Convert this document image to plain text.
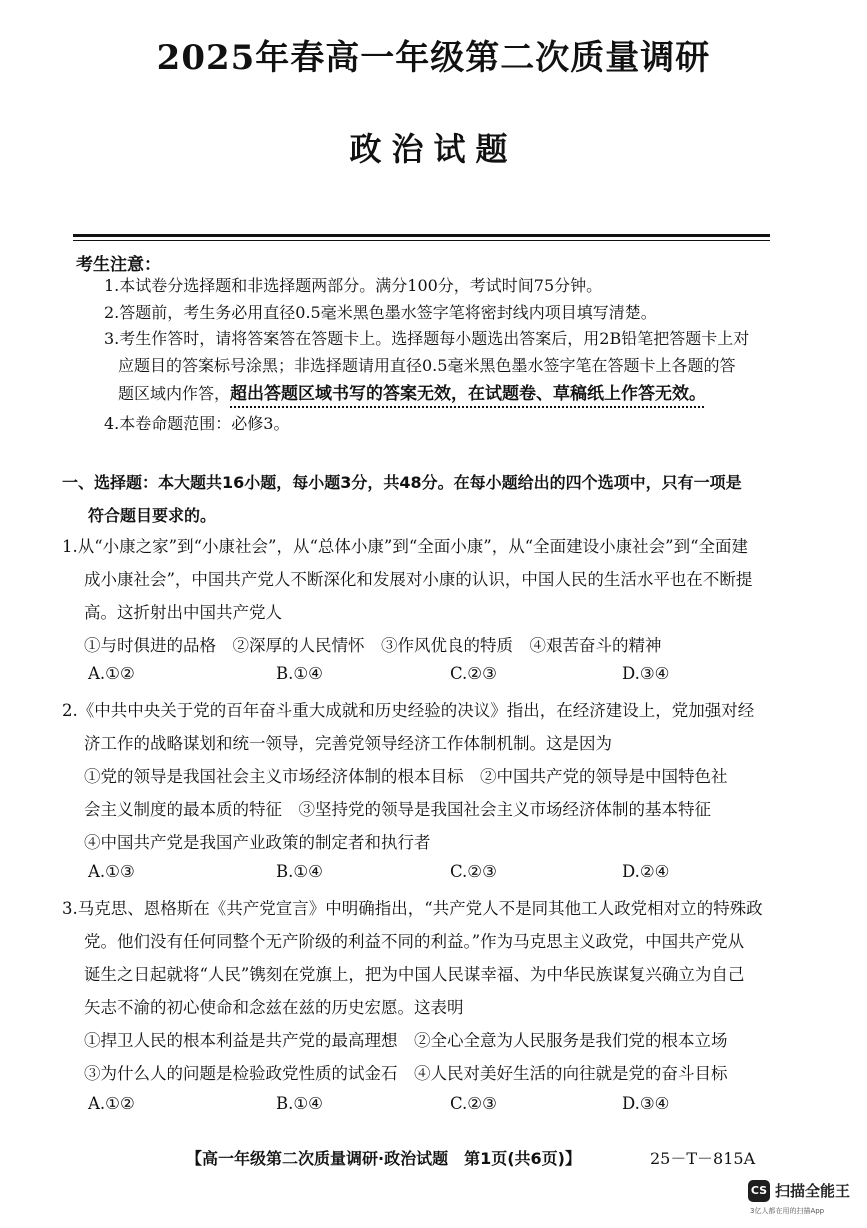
2025年春高一年级第二次质量调研
政治试题
考生注意：
1.本试卷分选择题和非选择题两部分。满分100分，考试时间75分钟。
2.答题前，考生务必用直径0.5毫米黑色墨水签字笔将密封线内项目填写清楚。
3.考生作答时，请将答案答在答题卡上。选择题每小题选出答案后，用2B铅笔把答题卡上对
应题目的答案标号涂黑；非选择题请用直径0.5毫米黑色墨水签字笔在答题卡上各题的答
题区域内作答，超出答题区域书写的答案无效，在试题卷、草稿纸上作答无效。
4.本卷命题范围：必修3。
一、选择题：本大题共16小题，每小题3分，共48分。在每小题给出的四个选项中，只有一项是
符合题目要求的。
1.从“小康之家”到“小康社会”，从“总体小康”到“全面小康”，从“全面建设小康社会”到“全面建
成小康社会”，中国共产党人不断深化和发展对小康的认识，中国人民的生活水平也在不断提
高。这折射出中国共产党人
①与时俱进的品格　②深厚的人民情怀　③作风优良的特质　④艰苦奋斗的精神
A.①②	B.①④	C.②③	D.③④
2.《中共中央关于党的百年奋斗重大成就和历史经验的决议》指出，在经济建设上，党加强对经
济工作的战略谋划和统一领导，完善党领导经济工作体制机制。这是因为
①党的领导是我国社会主义市场经济体制的根本目标　②中国共产党的领导是中国特色社
会主义制度的最本质的特征　③坚持党的领导是我国社会主义市场经济体制的基本特征
④中国共产党是我国产业政策的制定者和执行者
A.①③	B.①④	C.②③	D.②④
3.马克思、恩格斯在《共产党宣言》中明确指出，“共产党人不是同其他工人政党相对立的特殊政
党。他们没有任何同整个无产阶级的利益不同的利益。”作为马克思主义政党，中国共产党从
诞生之日起就将“人民”镌刻在党旗上，把为中国人民谋幸福、为中华民族谋复兴确立为自己
矢志不渝的初心使命和念兹在兹的历史宏愿。这表明
①捍卫人民的根本利益是共产党的最高理想　②全心全意为人民服务是我们党的根本立场
③为什么人的问题是检验政党性质的试金石　④人民对美好生活的向往就是党的奋斗目标
A.①②	B.①④	C.②③	D.③④
【高一年级第二次质量调研·政治试题　第1页(共6页)】	25－T－815A
CS 扫描全能王
3亿人都在用的扫描App
